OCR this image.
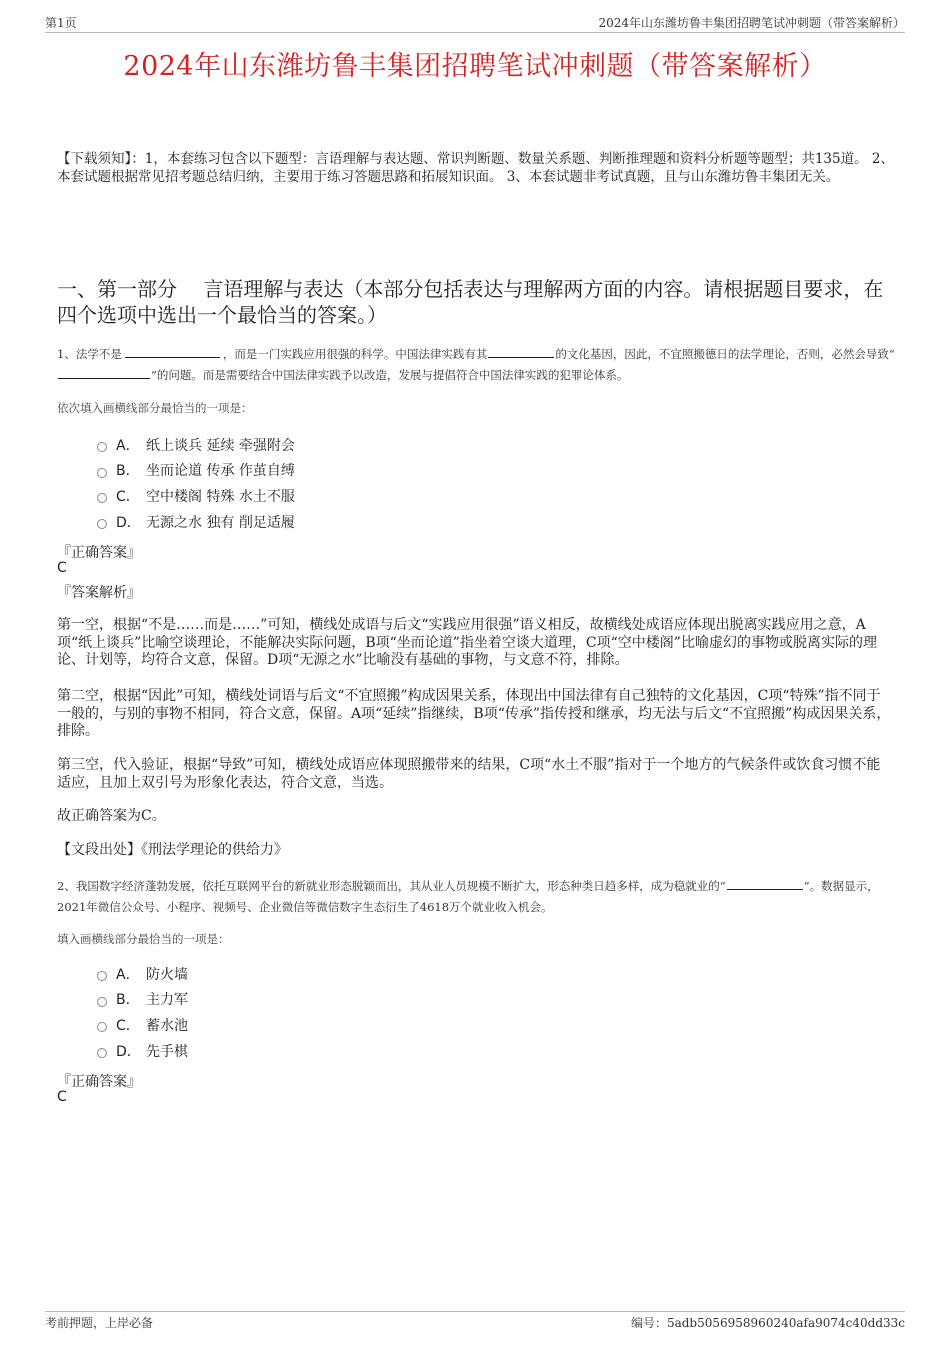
第1页	2024年山东潍坊鲁丰集团招聘笔试冲刺题（带答案解析）
2024年山东潍坊鲁丰集团招聘笔试冲刺题（带答案解析）
【下载须知】：1，本套练习包含以下题型：言语理解与表达题、常识判断题、数量关系题、判断推理题和资料分析题等题型；共135道。 2、本套试题根据常见招考题总结归纳，主要用于练习答题思路和拓展知识面。 3、本套试题非考试真题，且与山东潍坊鲁丰集团无关。
一、第一部分　 言语理解与表达（本部分包括表达与理解两方面的内容。请根据题目要求，在四个选项中选出一个最恰当的答案。）
1、法学不是	，而是一门实践应用很强的科学。中国法律实践有其	的文化基因，因此，不宜照搬德日的法学理论，否则，必然会导致“”的问题。而是需要结合中国法律实践予以改造，发展与提倡符合中国法律实践的犯罪论体系。
依次填入画横线部分最恰当的一项是：
A． 纸上谈兵 延续 牵强附会
B． 坐而论道 传承 作茧自缚
C． 空中楼阁 特殊 水土不服
D． 无源之水 独有 削足适履
『正确答案』
C
『答案解析』
第一空，根据“不是……而是……”可知，横线处成语与后文“实践应用很强”语义相反，故横线处成语应体现出脱离实践应用之意，A项“纸上谈兵”比喻空谈理论，不能解决实际问题，B项“坐而论道”指坐着空谈大道理，C项“空中楼阁”比喻虚幻的事物或脱离实际的理论、计划等，均符合文意，保留。D项“无源之水”比喻没有基础的事物，与文意不符，排除。
第二空，根据“因此”可知，横线处词语与后文“不宜照搬”构成因果关系，体现出中国法律有自己独特的文化基因，C项“特殊”指不同于一般的，与别的事物不相同，符合文意，保留。A项“延续”指继续，B项“传承”指传授和继承，均无法与后文“不宜照搬”构成因果关系，排除。
第三空，代入验证，根据“导致”可知，横线处成语应体现照搬带来的结果，C项“水土不服”指对于一个地方的气候条件或饮食习惯不能适应，且加上双引号为形象化表达，符合文意，当选。
故正确答案为C。
【文段出处】《刑法学理论的供给力》
2、我国数字经济蓬勃发展，依托互联网平台的新就业形态脱颖而出，其从业人员规模不断扩大，形态种类日趋多样，成为稳就业的“	”。数据显示，2021年微信公众号、小程序、视频号、企业微信等微信数字生态衍生了4618万个就业收入机会。
填入画横线部分最恰当的一项是：
A． 防火墙
B． 主力军
C． 蓄水池
D． 先手棋
『正确答案』
C
考前押题，上岸必备	编号：5adb5056958960240afa9074c40dd33c
